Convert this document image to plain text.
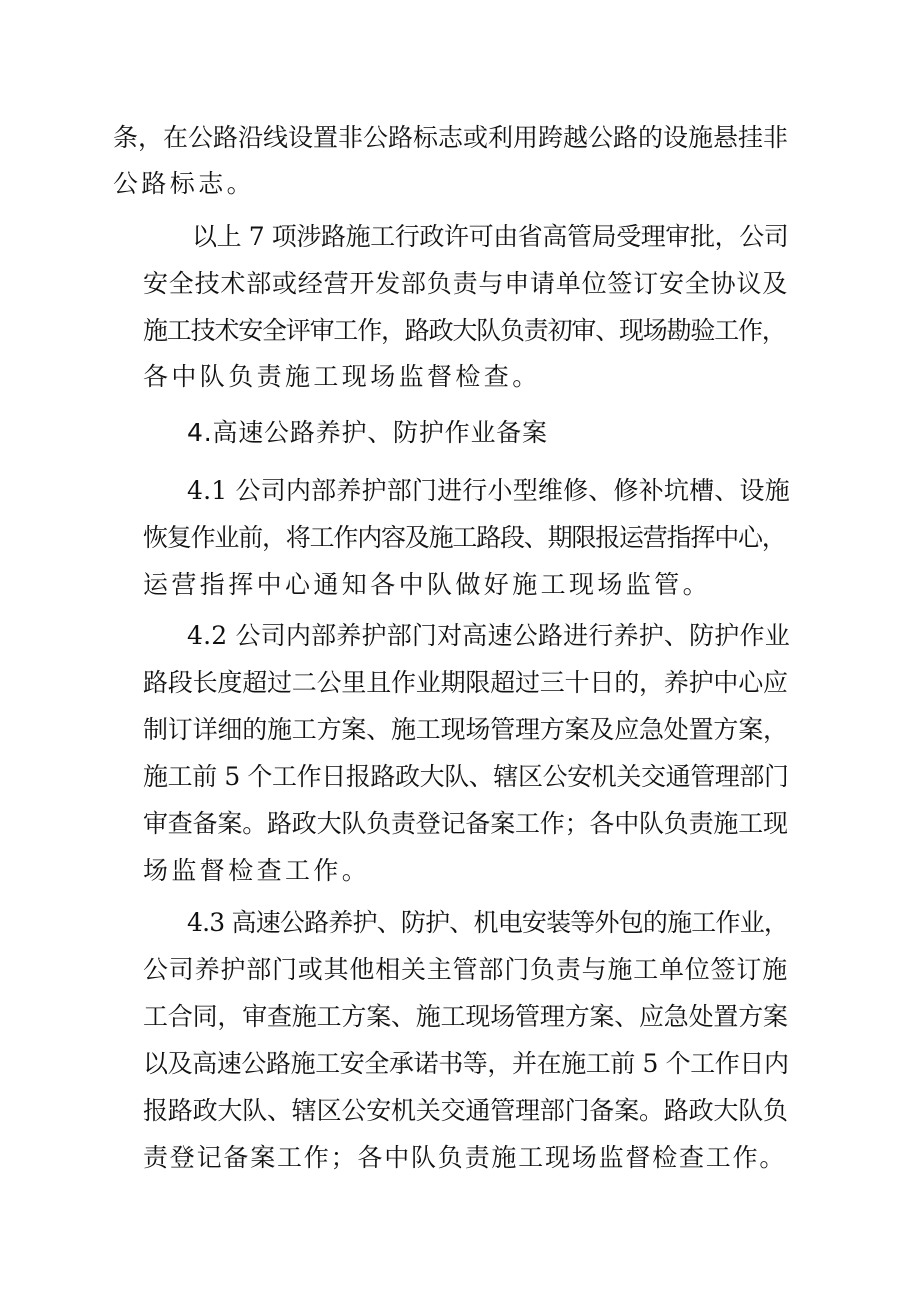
条，在公路沿线设置非公路标志或利用跨越公路的设施悬挂非
公路标志。
以上 7 项涉路施工行政许可由省高管局受理审批，公司
安全技术部或经营开发部负责与申请单位签订安全协议及
施工技术安全评审工作，路政大队负责初审、现场勘验工作，
各中队负责施工现场监督检查。
4.高速公路养护、防护作业备案
4.1 公司内部养护部门进行小型维修、修补坑槽、设施
恢复作业前，将工作内容及施工路段、期限报运营指挥中心，
运营指挥中心通知各中队做好施工现场监管。
4.2 公司内部养护部门对高速公路进行养护、防护作业
路段长度超过二公里且作业期限超过三十日的，养护中心应
制订详细的施工方案、施工现场管理方案及应急处置方案，
施工前 5 个工作日报路政大队、辖区公安机关交通管理部门
审查备案。路政大队负责登记备案工作；各中队负责施工现
场监督检查工作。
4.3 高速公路养护、防护、机电安装等外包的施工作业，
公司养护部门或其他相关主管部门负责与施工单位签订施
工合同，审查施工方案、施工现场管理方案、应急处置方案
以及高速公路施工安全承诺书等，并在施工前 5 个工作日内
报路政大队、辖区公安机关交通管理部门备案。路政大队负
责登记备案工作；各中队负责施工现场监督检查工作。
